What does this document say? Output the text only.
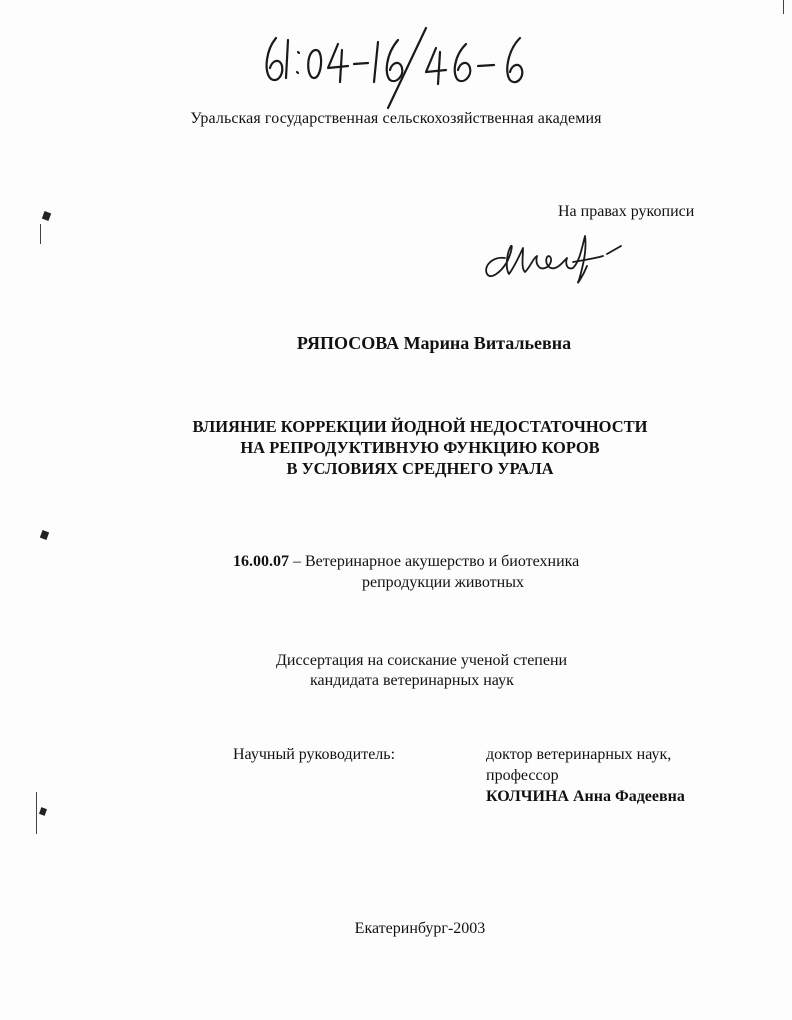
Уральская государственная сельскохозяйственная академия
На правах рукописи
РЯПОСОВА Марина Витальевна
ВЛИЯНИЕ КОРРЕКЦИИ ЙОДНОЙ НЕДОСТАТОЧНОСТИ
НА РЕПРОДУКТИВНУЮ ФУНКЦИЮ КОРОВ
В УСЛОВИЯХ СРЕДНЕГО УРАЛА
16.00.07 – Ветеринарное акушерство и биотехника
репродукции животных
Диссертация на соискание ученой степени
кандидата ветеринарных наук
Научный руководитель:	доктор ветеринарных наук,
профессор
КОЛЧИНА Анна Фадеевна
Екатеринбург-2003
